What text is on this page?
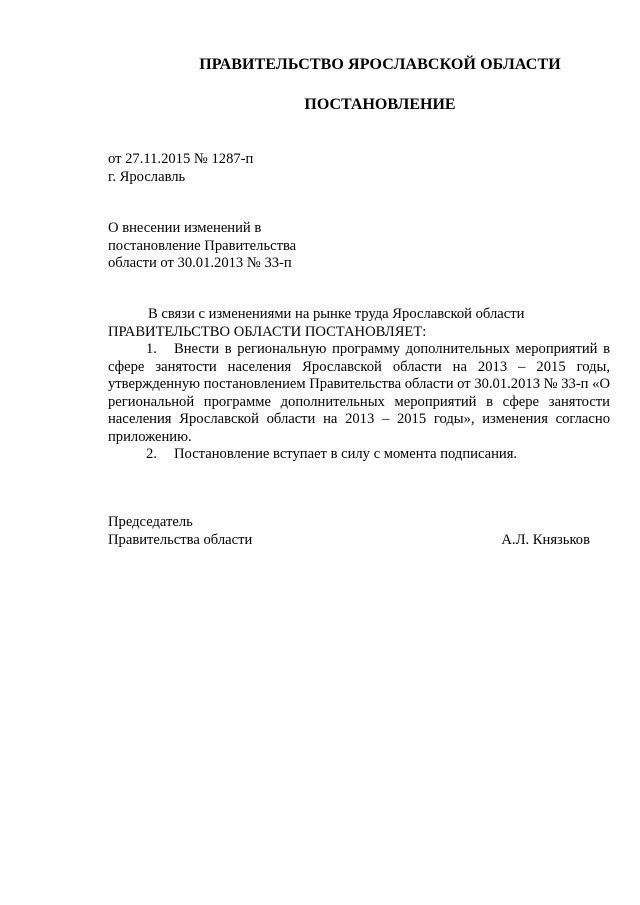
ПРАВИТЕЛЬСТВО ЯРОСЛАВСКОЙ ОБЛАСТИ
ПОСТАНОВЛЕНИЕ
от 27.11.2015 № 1287-п
г. Ярославль
О внесении изменений в
постановление Правительства
области от 30.01.2013 № 33-п

В связи с изменениями на рынке труда Ярославской области

ПРАВИТЕЛЬСТВО ОБЛАСТИ ПОСТАНОВЛЯЕТ:

1. Внести в региональную программу дополнительных мероприятий в сфере занятости населения Ярославской области на 2013 – 2015 годы, утвержденную постановлением Правительства области от 30.01.2013 № 33-п «О региональной программе дополнительных мероприятий в сфере занятости населения Ярославской области на 2013 – 2015 годы», изменения согласно приложению.

2. Постановление вступает в силу с момента подписания.

Председатель
Правительства области	А.Л. Князьков
